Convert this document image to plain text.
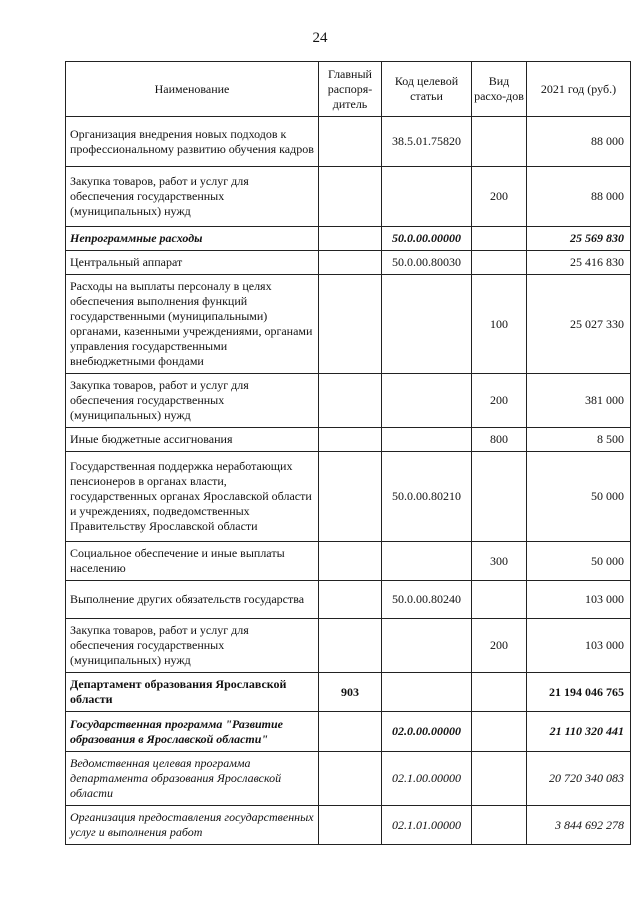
24
Наименование	Главный распоря-дитель	Код целевой статьи	Вид расхо-дов	2021 год (руб.)
Организация внедрения новых подходов к профессиональному развитию обучения кадров		38.5.01.75820		88 000
Закупка товаров, работ и услуг для обеспечения государственных (муниципальных) нужд			200	88 000
Непрограммные расходы		50.0.00.00000		25 569 830
Центральный аппарат		50.0.00.80030		25 416 830
Расходы на выплаты персоналу в целях обеспечения выполнения функций государственными (муниципальными) органами, казенными учреждениями, органами управления государственными внебюджетными фондами			100	25 027 330
Закупка товаров, работ и услуг для обеспечения государственных (муниципальных) нужд			200	381 000
Иные бюджетные ассигнования			800	8 500
Государственная поддержка неработающих пенсионеров в органах власти, государственных органах Ярославской области и учреждениях, подведомственных Правительству Ярославской области		50.0.00.80210		50 000
Социальное обеспечение и иные выплаты населению			300	50 000
Выполнение других обязательств государства		50.0.00.80240		103 000
Закупка товаров, работ и услуг для обеспечения государственных (муниципальных) нужд			200	103 000
Департамент образования Ярославской области	903			21 194 046 765
Государственная программа "Развитие образования в Ярославской области"		02.0.00.00000		21 110 320 441
Ведомственная целевая программа департамента образования Ярославской области		02.1.00.00000		20 720 340 083
Организация предоставления государственных услуг и выполнения работ		02.1.01.00000		3 844 692 278
